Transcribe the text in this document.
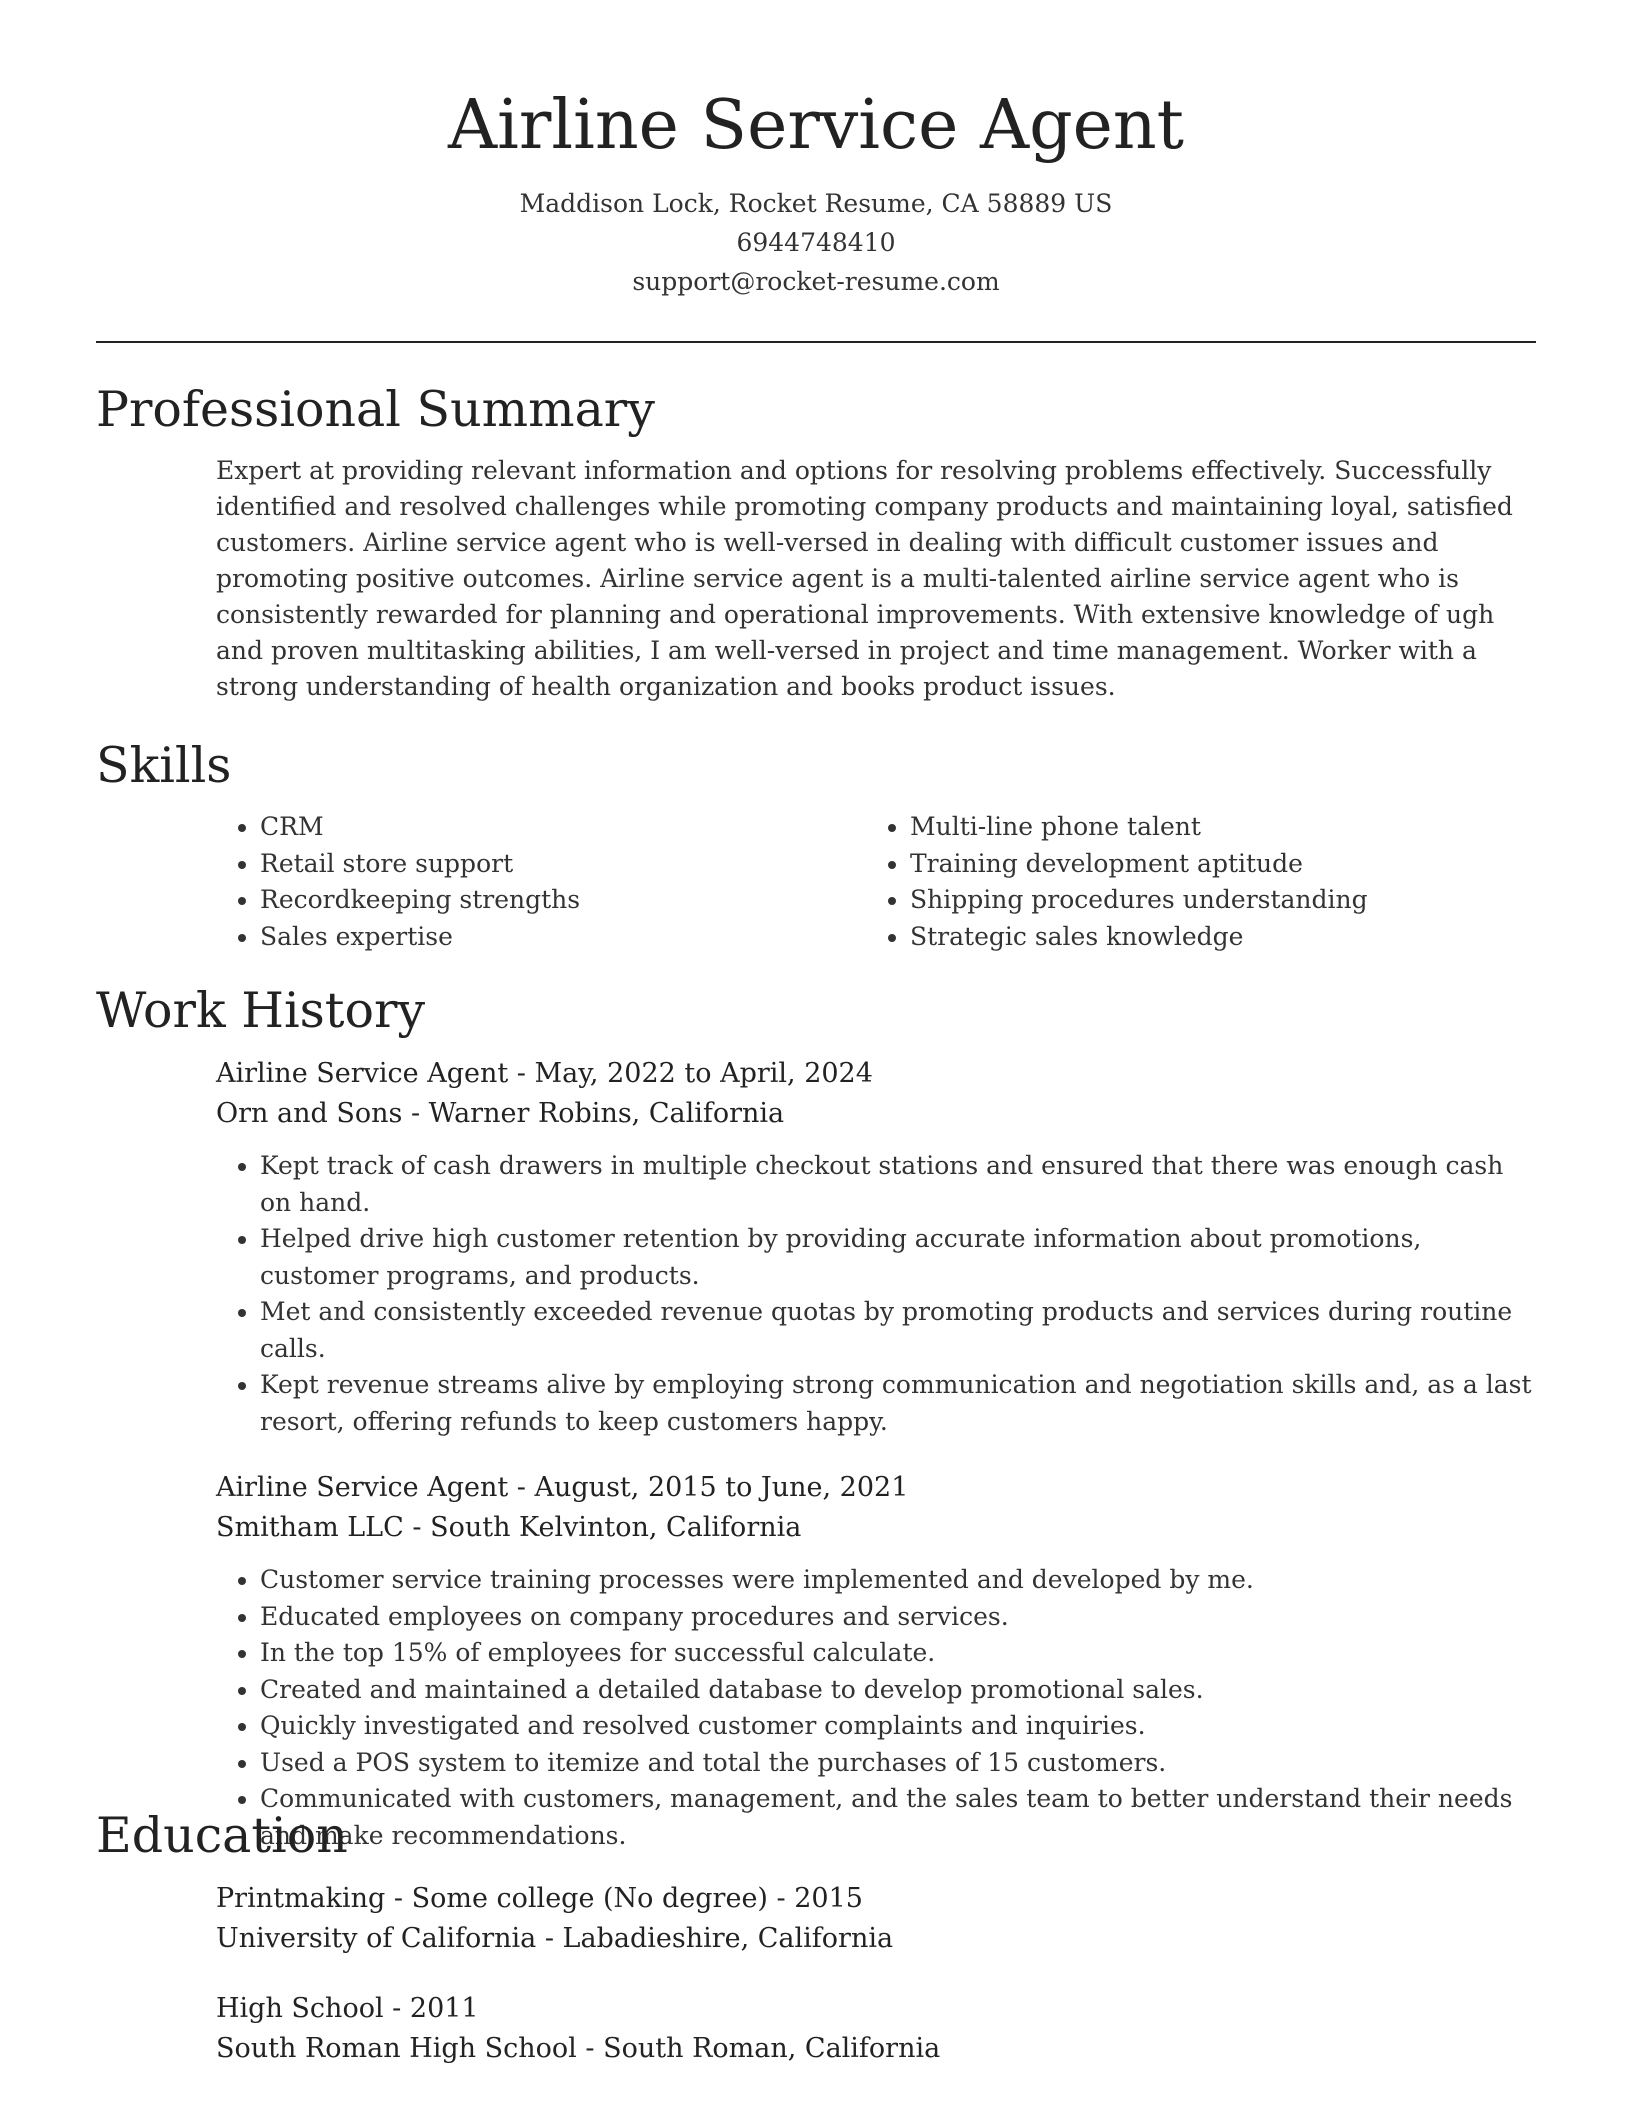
Airline Service Agent
Maddison Lock, Rocket Resume, CA 58889 US
6944748410
support@rocket-resume.com
Professional Summary

Expert at providing relevant information and options for resolving problems effectively. Successfully identified and resolved challenges while promoting company products and maintaining loyal, satisfied customers. Airline service agent who is well-versed in dealing with difficult customer issues and promoting positive outcomes. Airline service agent is a multi-talented airline service agent who is consistently rewarded for planning and operational improvements. With extensive knowledge of ugh and proven multitasking abilities, I am well-versed in project and time management. Worker with a strong understanding of health organization and books product issues.

Skills
• CRM
• Retail store support
• Recordkeeping strengths
• Sales expertise
• Multi-line phone talent
• Training development aptitude
• Shipping procedures understanding
• Strategic sales knowledge
Work History
Airline Service Agent - May, 2022 to April, 2024
Orn and Sons - Warner Robins, California
• Kept track of cash drawers in multiple checkout stations and ensured that there was enough cash on hand.
• Helped drive high customer retention by providing accurate information about promotions, customer programs, and products.
• Met and consistently exceeded revenue quotas by promoting products and services during routine calls.
• Kept revenue streams alive by employing strong communication and negotiation skills and, as a last resort, offering refunds to keep customers happy.
Airline Service Agent - August, 2015 to June, 2021
Smitham LLC - South Kelvinton, California
• Customer service training processes were implemented and developed by me.
• Educated employees on company procedures and services.
• In the top 15% of employees for successful calculate.
• Created and maintained a detailed database to develop promotional sales.
• Quickly investigated and resolved customer complaints and inquiries.
• Used a POS system to itemize and total the purchases of 15 customers.
• Communicated with customers, management, and the sales team to better understand their needs and make recommendations.
Education
Printmaking - Some college (No degree) - 2015
University of California - Labadieshire, California
High School - 2011
South Roman High School - South Roman, California
